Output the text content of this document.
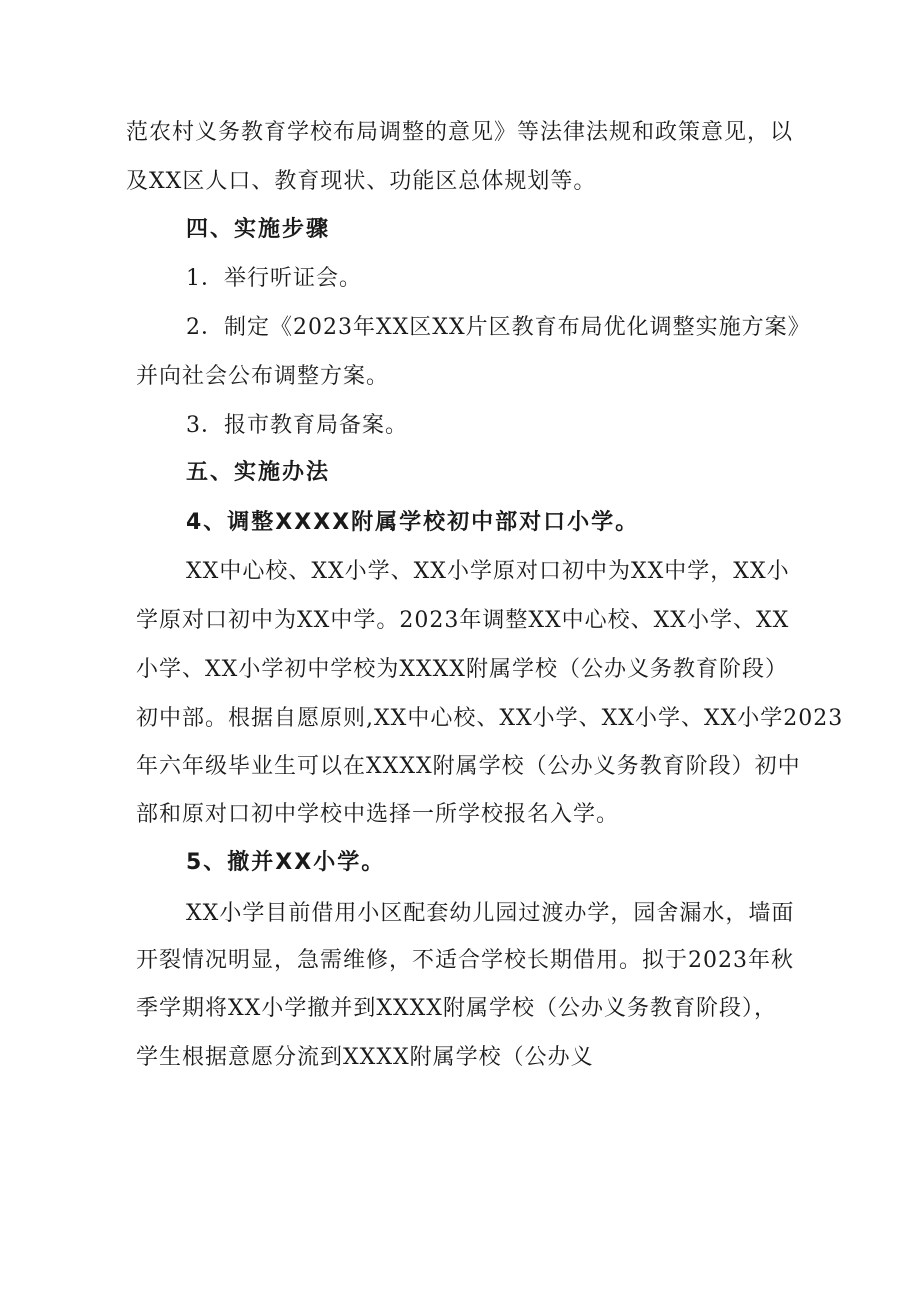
范农村义务教育学校布局调整的意见》等法律法规和政策意见，以
及XX区人口、教育现状、功能区总体规划等。
四、实施步骤
1．举行听证会。
2．制定《2023年XX区XX片区教育布局优化调整实施方案》
并向社会公布调整方案。
3．报市教育局备案。
五、实施办法
4、调整XXXX附属学校初中部对口小学。
XX中心校、XX小学、XX小学原对口初中为XX中学，XX小
学原对口初中为XX中学。2023年调整XX中心校、XX小学、XX
小学、XX小学初中学校为XXXX附属学校（公办义务教育阶段）
初中部。根据自愿原则,XX中心校、XX小学、XX小学、XX小学2023
年六年级毕业生可以在XXXX附属学校（公办义务教育阶段）初中
部和原对口初中学校中选择一所学校报名入学。
5、撤并XX小学。
XX小学目前借用小区配套幼儿园过渡办学，园舍漏水，墙面
开裂情况明显，急需维修，不适合学校长期借用。拟于2023年秋
季学期将XX小学撤并到XXXX附属学校（公办义务教育阶段），
学生根据意愿分流到XXXX附属学校（公办义
